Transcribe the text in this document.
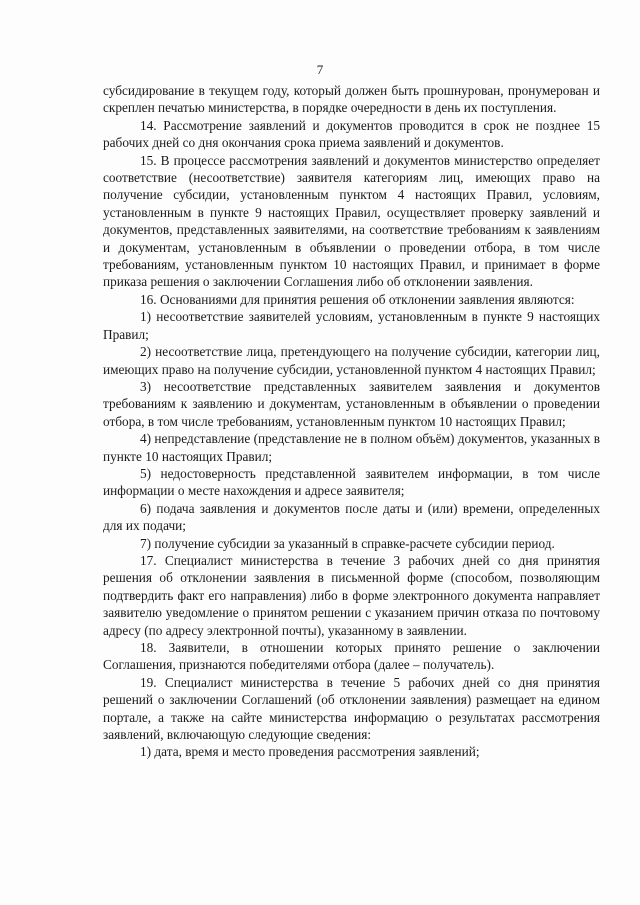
7

субсидирование в текущем году, который должен быть прошнурован, пронумерован и скреплен печатью министерства, в порядке очередности в день их поступления.

14. Рассмотрение заявлений и документов проводится в срок не позднее 15 рабочих дней со дня окончания срока приема заявлений и документов.

15. В процессе рассмотрения заявлений и документов министерство определяет соответствие (несоответствие) заявителя категориям лиц, имеющих право на получение субсидии, установленным пунктом 4 настоящих Правил, условиям, установленным в пункте 9 настоящих Правил, осуществляет проверку заявлений и документов, представленных заявителями, на соответствие требованиям к заявлениям и документам, установленным в объявлении о проведении отбора, в том числе требованиям, установленным пунктом 10 настоящих Правил, и принимает в форме приказа решения о заключении Соглашения либо об отклонении заявления.

16. Основаниями для принятия решения об отклонении заявления являются:

1) несоответствие заявителей условиям, установленным в пункте 9 настоящих Правил;

2) несоответствие лица, претендующего на получение субсидии, категории лиц, имеющих право на получение субсидии, установленной пунктом 4 настоящих Правил;

3) несоответствие представленных заявителем заявления и документов требованиям к заявлению и документам, установленным в объявлении о проведении отбора, в том числе требованиям, установленным пунктом 10 настоящих Правил;

4) непредставление (представление не в полном объём) документов, указанных в пункте 10 настоящих Правил;

5) недостоверность представленной заявителем информации, в том числе информации о месте нахождения и адресе заявителя;

6) подача заявления и документов после даты и (или) времени, определенных для их подачи;

7) получение субсидии за указанный в справке-расчете субсидии период.

17. Специалист министерства в течение 3 рабочих дней со дня принятия решения об отклонении заявления в письменной форме (способом, позволяющим подтвердить факт его направления) либо в форме электронного документа направляет заявителю уведомление о принятом решении с указанием причин отказа по почтовому адресу (по адресу электронной почты), указанному в заявлении.

18. Заявители, в отношении которых принято решение о заключении Соглашения, признаются победителями отбора (далее – получатель).

19. Специалист министерства в течение 5 рабочих дней со дня принятия решений о заключении Соглашений (об отклонении заявления) размещает на едином портале, а также на сайте министерства информацию о результатах рассмотрения заявлений, включающую следующие сведения:

1) дата, время и место проведения рассмотрения заявлений;
